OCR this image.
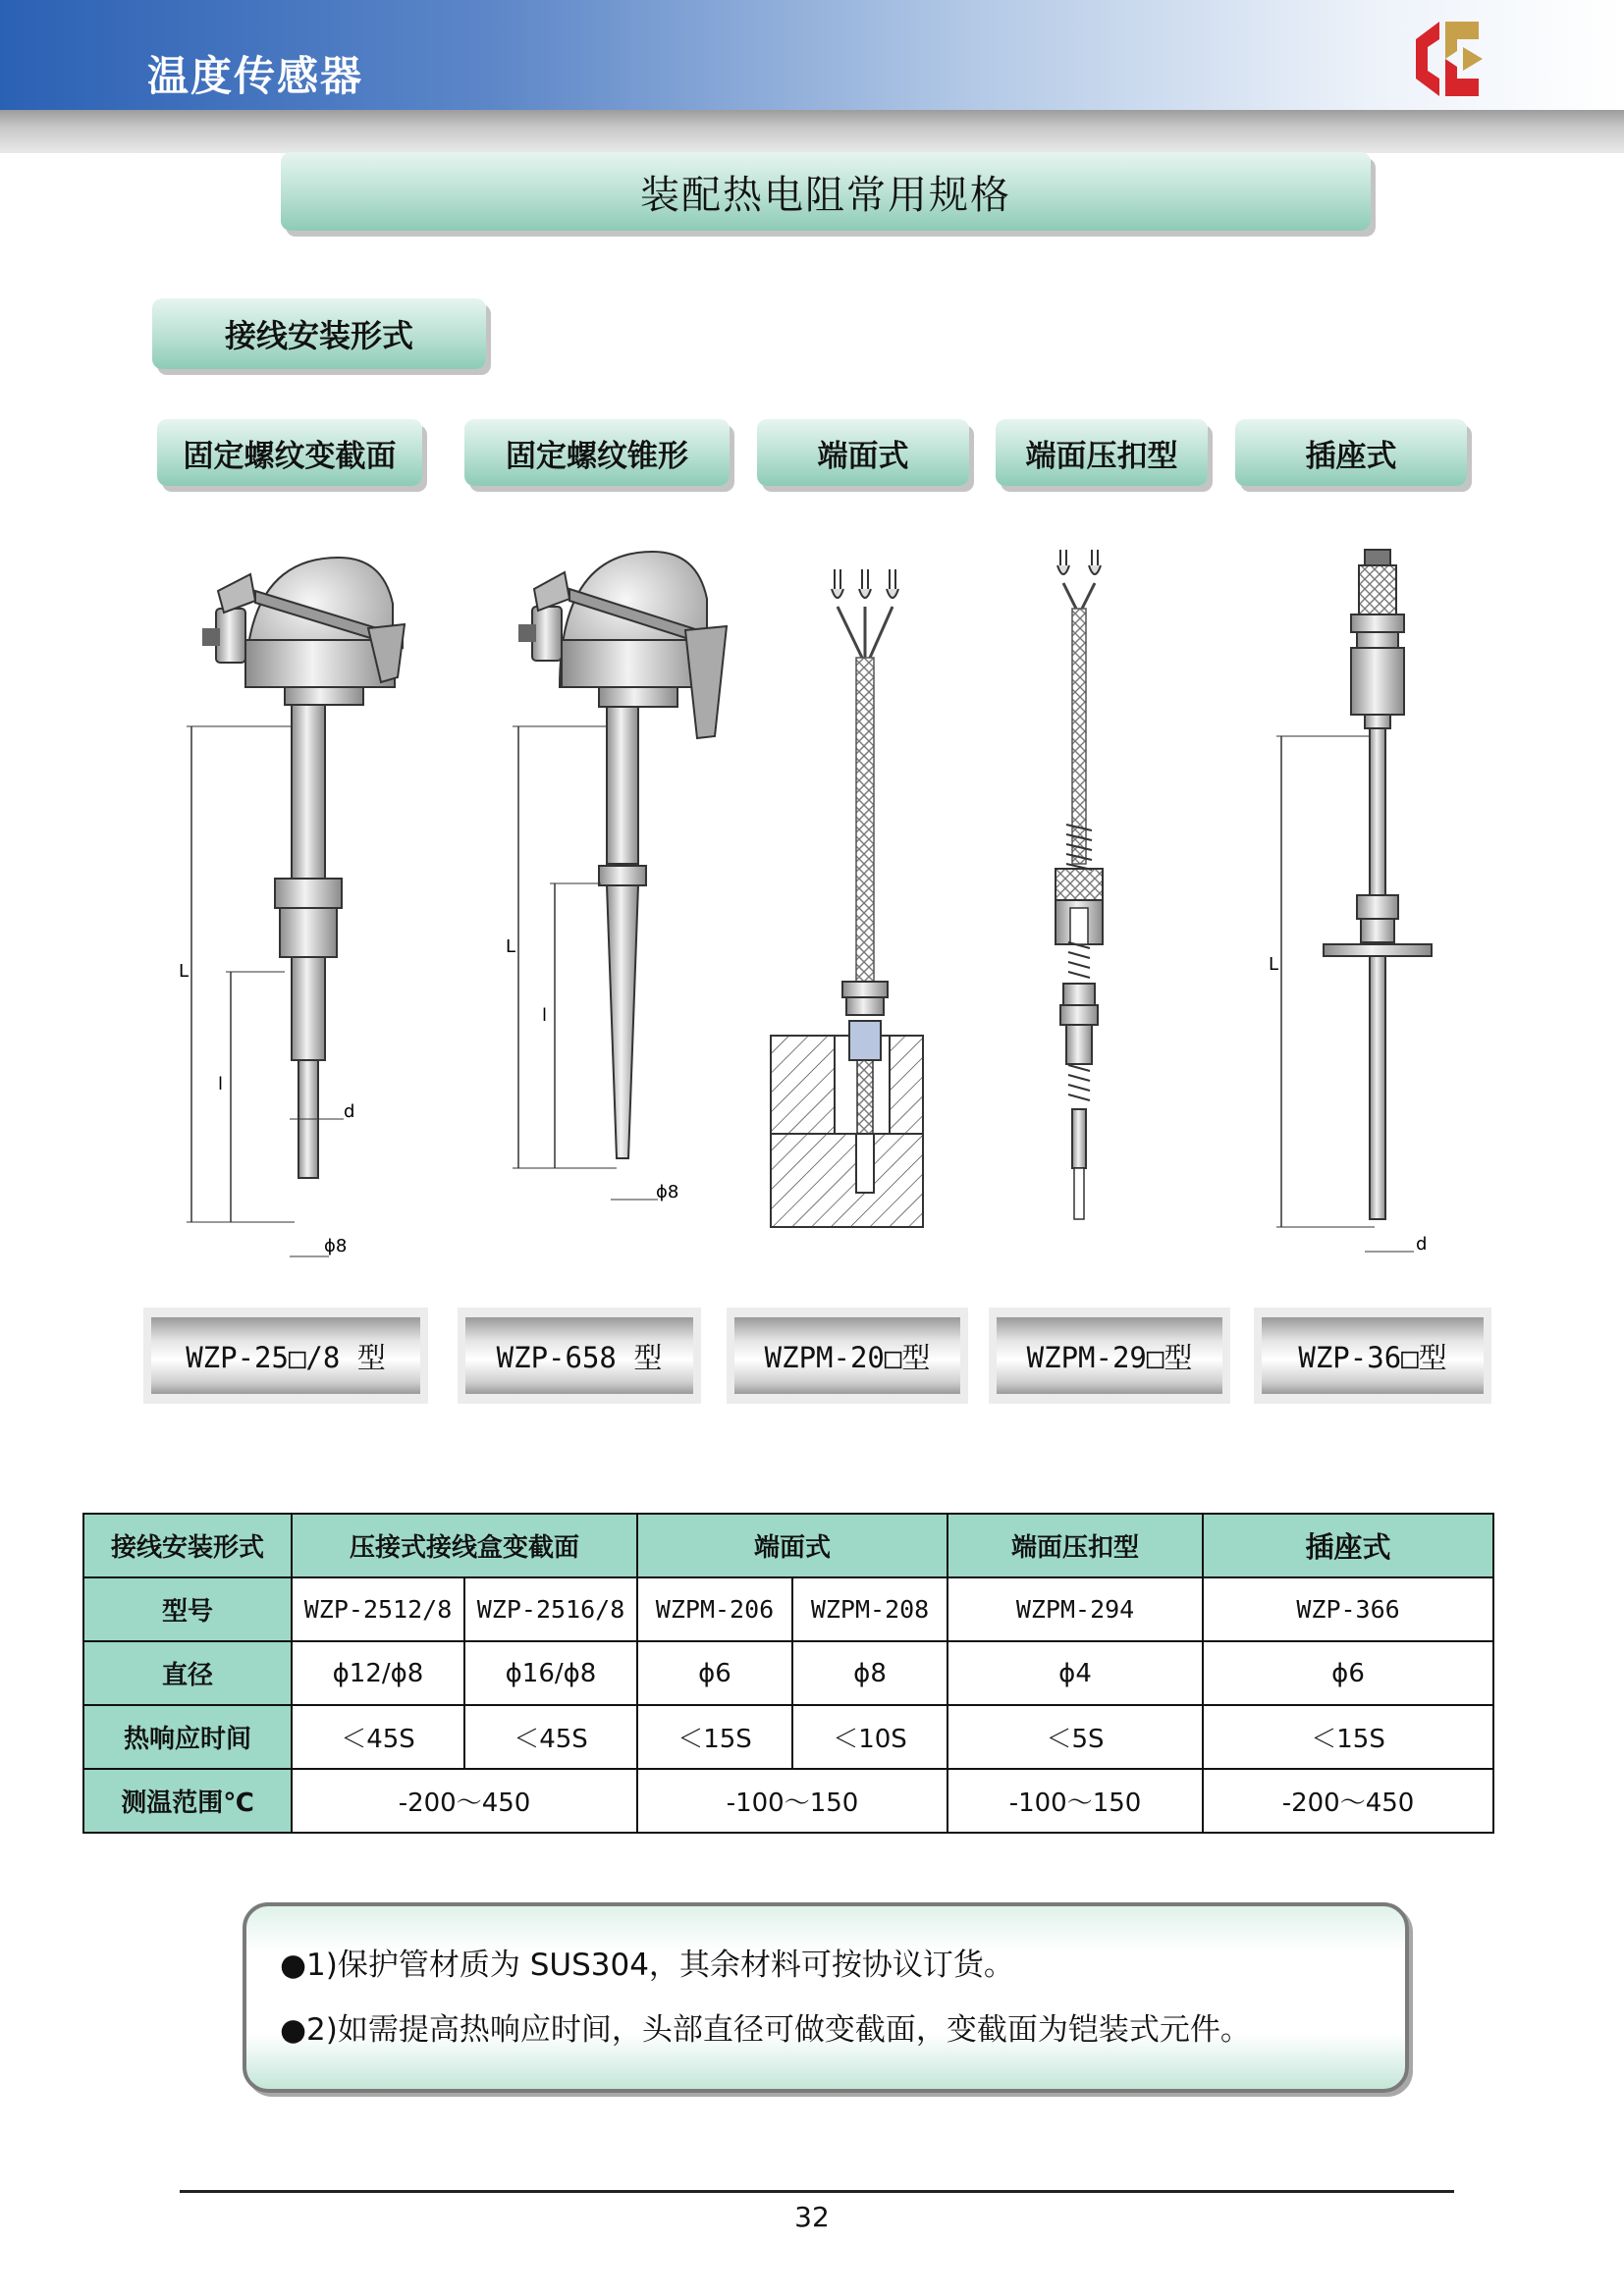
温度传感器
装配热电阻常用规格
接线安装形式
固定螺纹变截面	固定螺纹锥形	端面式	端面压扣型	插座式
d
ϕ8
L
l
ϕ8
L
l
d
L
WZP-25□/8 型	WZP-658 型	WZPM-20□型	WZPM-29□型	WZP-36□型
接线安装形式	压接式接线盒变截面		端面式		端面压扣型	插座式
型号	WZP-2512/8	WZP-2516/8	WZPM-206	WZPM-208	WZPM-294	WZP-366
直径	ϕ12/ϕ8	ϕ16/ϕ8	ϕ6	ϕ8	ϕ4	ϕ6
热响应时间	＜45S	＜45S	＜15S	＜10S	＜5S	＜15S
测温范围℃	-200～450		-100～150		-100～150	-200～450
●1)保护管材质为 SUS304，其余材料可按协议订货。
●2)如需提高热响应时间，头部直径可做变截面，变截面为铠装式元件。
32
